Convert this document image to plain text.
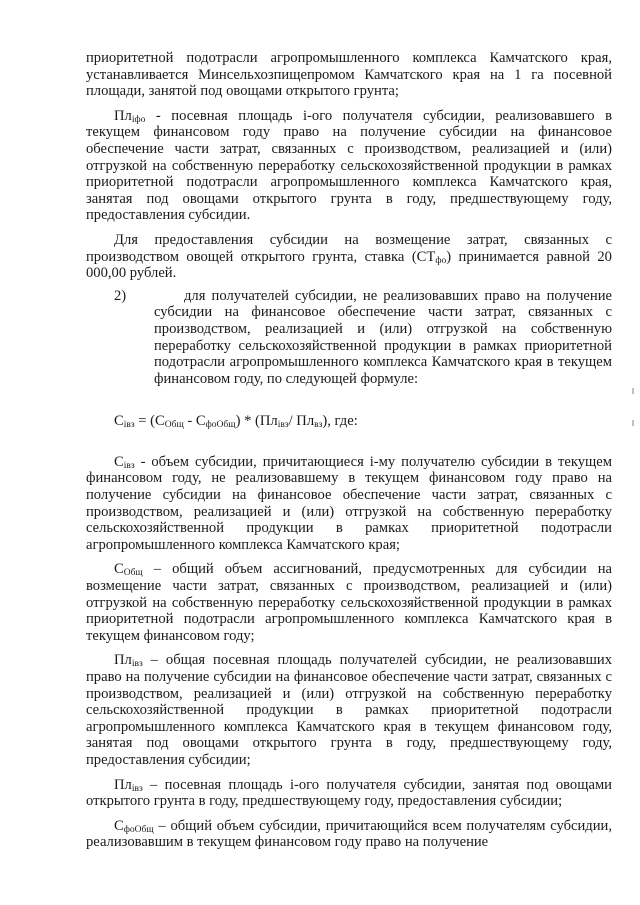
приоритетной подотрасли агропромышленного комплекса Камчатского края, устанавливается Минсельхозпищепромом Камчатского края на 1 га посевной площади, занятой под овощами открытого грунта;

$Пл_{iфо}$ - посевная площадь i-ого получателя субсидии, реализовавшего в текущем финансовом году право на получение субсидии на финансовое обеспечение части затрат, связанных с производством, реализацией и (или) отгрузкой на собственную переработку сельскохозяйственной продукции в рамках приоритетной подотрасли агропромышленного комплекса Камчатского края, занятая под овощами открытого грунта в году, предшествующему году, предоставления субсидии.

Для предоставления субсидии на возмещение затрат, связанных с производством овощей открытого грунта, ставка $(СТ_{фо})$ принимается равной 20 000,00 рублей.

2)	для получателей субсидии, не реализовавших право на получение субсидии на финансовое обеспечение части затрат, связанных с производством, реализацией и (или) отгрузкой на собственную переработку сельскохозяйственной продукции в рамках приоритетной подотрасли агропромышленного комплекса Камчатского края в текущем финансовом году, по следующей формуле:
$С_{iвз} = (С_{Общ} - С_{фоОбщ}) * (Пл_{iвз}/$ $Пл_{вз}$), где:

$С_{iвз}$ - объем субсидии, причитающиеся i-му получателю субсидии в текущем финансовом году, не реализовавшему в текущем финансовом году право на получение субсидии на финансовое обеспечение части затрат, связанных с производством, реализацией и (или) отгрузкой на собственную переработку сельскохозяйственной продукции в рамках приоритетной подотрасли агропромышленного комплекса Камчатского края;

$С_{Общ}$ – общий объем ассигнований, предусмотренных для субсидии на возмещение части затрат, связанных с производством, реализацией и (или) отгрузкой на собственную переработку сельскохозяйственной продукции в рамках приоритетной подотрасли агропромышленного комплекса Камчатского края в текущем финансовом году;

$Пл_{iвз}$ – общая посевная площадь получателей субсидии, не реализовавших право на получение субсидии на финансовое обеспечение части затрат, связанных с производством, реализацией и (или) отгрузкой на собственную переработку сельскохозяйственной продукции в рамках приоритетной подотрасли агропромышленного комплекса Камчатского края в текущем финансовом году, занятая под овощами открытого грунта в году, предшествующему году, предоставления субсидии;

$Пл_{iвз}$ – посевная площадь i-ого получателя субсидии, занятая под овощами открытого грунта в году, предшествующему году, предоставления субсидии;

$С_{фоОбщ}$ – общий объем субсидии, причитающийся всем получателям субсидии, реализовавшим в текущем финансовом году право на получение
